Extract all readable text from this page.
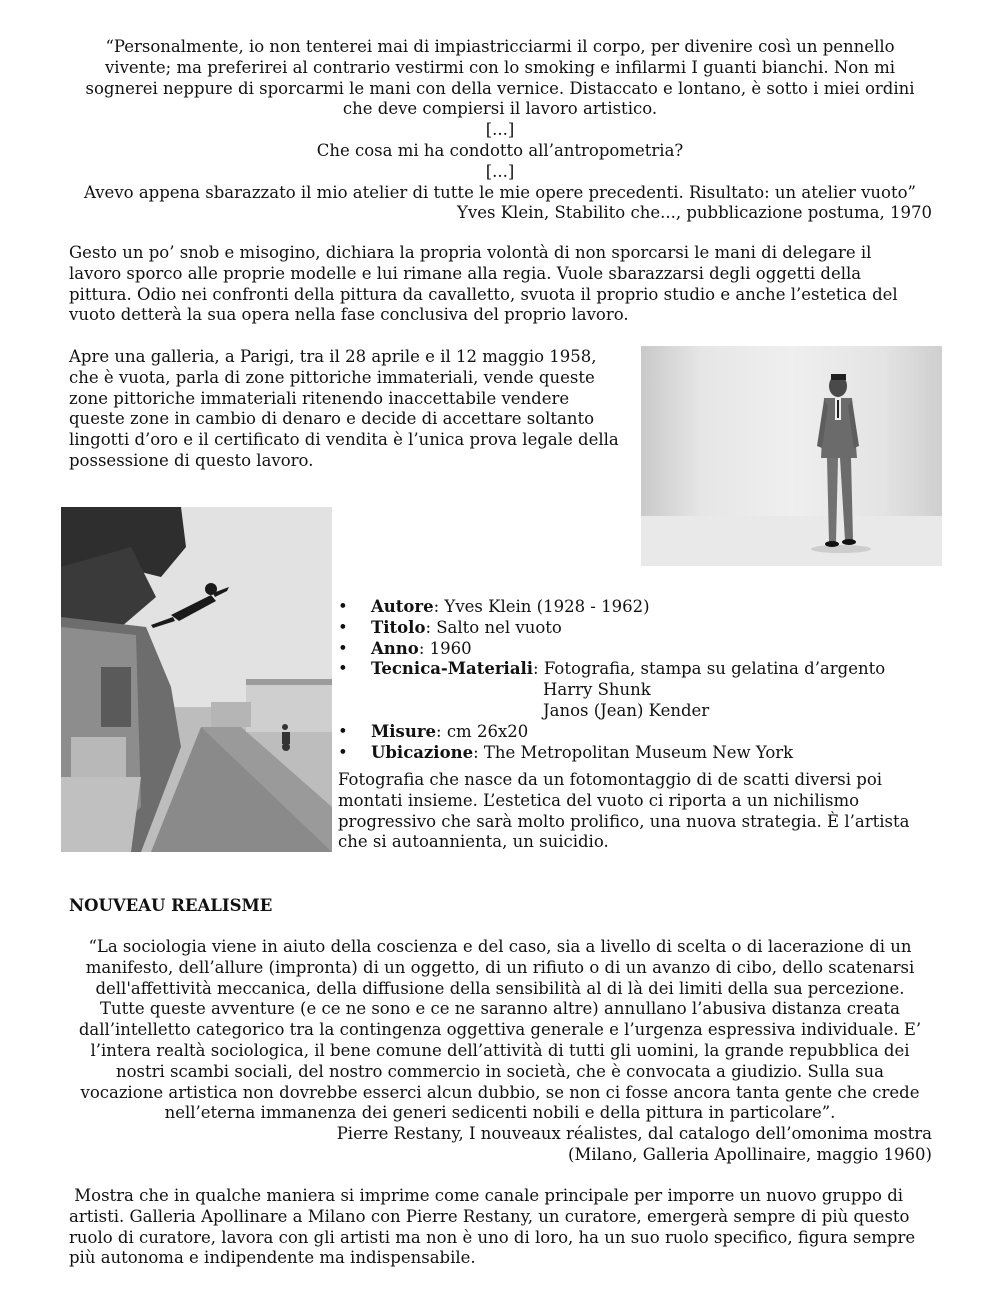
“Personalmente, io non tenterei mai di impiastricciarmi il corpo, per divenire così un pennello
vivente; ma preferirei al contrario vestirmi con lo smoking e infilarmi I guanti bianchi. Non mi
sognerei neppure di sporcarmi le mani con della vernice. Distaccato e lontano, è sotto i miei ordini
che deve compiersi il lavoro artistico.
[...]
Che cosa mi ha condotto all’antropometria?
[...]
Avevo appena sbarazzato il mio atelier di tutte le mie opere precedenti. Risultato: un atelier vuoto”
Yves Klein, Stabilito che..., pubblicazione postuma, 1970
Gesto un po’ snob e misogino, dichiara la propria volontà di non sporcarsi le mani di delegare il
lavoro sporco alle proprie modelle e lui rimane alla regia. Vuole sbarazzarsi degli oggetti della
pittura. Odio nei confronti della pittura da cavalletto, svuota il proprio studio e anche l’estetica del
vuoto detterà la sua opera nella fase conclusiva del proprio lavoro.
Apre una galleria, a Parigi, tra il 28 aprile e il 12 maggio 1958,
che è vuota, parla di zone pittoriche immateriali, vende queste
zone pittoriche immateriali ritenendo inaccettabile vendere
queste zone in cambio di denaro e decide di accettare soltanto
lingotti d’oro e il certificato di vendita è l’unica prova legale della
possessione di questo lavoro.
• Autore: Yves Klein (1928 - 1962)
• Titolo: Salto nel vuoto
• Anno: 1960
• Tecnica-Materiali: Fotografia, stampa su gelatina d’argento
Harry Shunk
Janos (Jean) Kender
• Misure: cm 26x20
• Ubicazione: The Metropolitan Museum New York
Fotografia che nasce da un fotomontaggio di de scatti diversi poi
montati insieme. L’estetica del vuoto ci riporta a un nichilismo
progressivo che sarà molto prolifico, una nuova strategia. È l’artista
che si autoannienta, un suicidio.
NOUVEAU REALISME
“La sociologia viene in aiuto della coscienza e del caso, sia a livello di scelta o di lacerazione di un
manifesto, dell’allure (impronta) di un oggetto, di un rifiuto o di un avanzo di cibo, dello scatenarsi
dell'affettività meccanica, della diffusione della sensibilità al di là dei limiti della sua percezione.
Tutte queste avventure (e ce ne sono e ce ne saranno altre) annullano l’abusiva distanza creata
dall’intelletto categorico tra la contingenza oggettiva generale e l’urgenza espressiva individuale. E’
l’intera realtà sociologica, il bene comune dell’attività di tutti gli uomini, la grande repubblica dei
nostri scambi sociali, del nostro commercio in società, che è convocata a giudizio. Sulla sua
vocazione artistica non dovrebbe esserci alcun dubbio, se non ci fosse ancora tanta gente che crede
nell’eterna immanenza dei generi sedicenti nobili e della pittura in particolare”.
Pierre Restany, I nouveaux réalistes, dal catalogo dell’omonima mostra
(Milano, Galleria Apollinaire, maggio 1960)
Mostra che in qualche maniera si imprime come canale principale per imporre un nuovo gruppo di
artisti. Galleria Apollinare a Milano con Pierre Restany, un curatore, emergerà sempre di più questo
ruolo di curatore, lavora con gli artisti ma non è uno di loro, ha un suo ruolo specifico, figura sempre
più autonoma e indipendente ma indispensabile.
